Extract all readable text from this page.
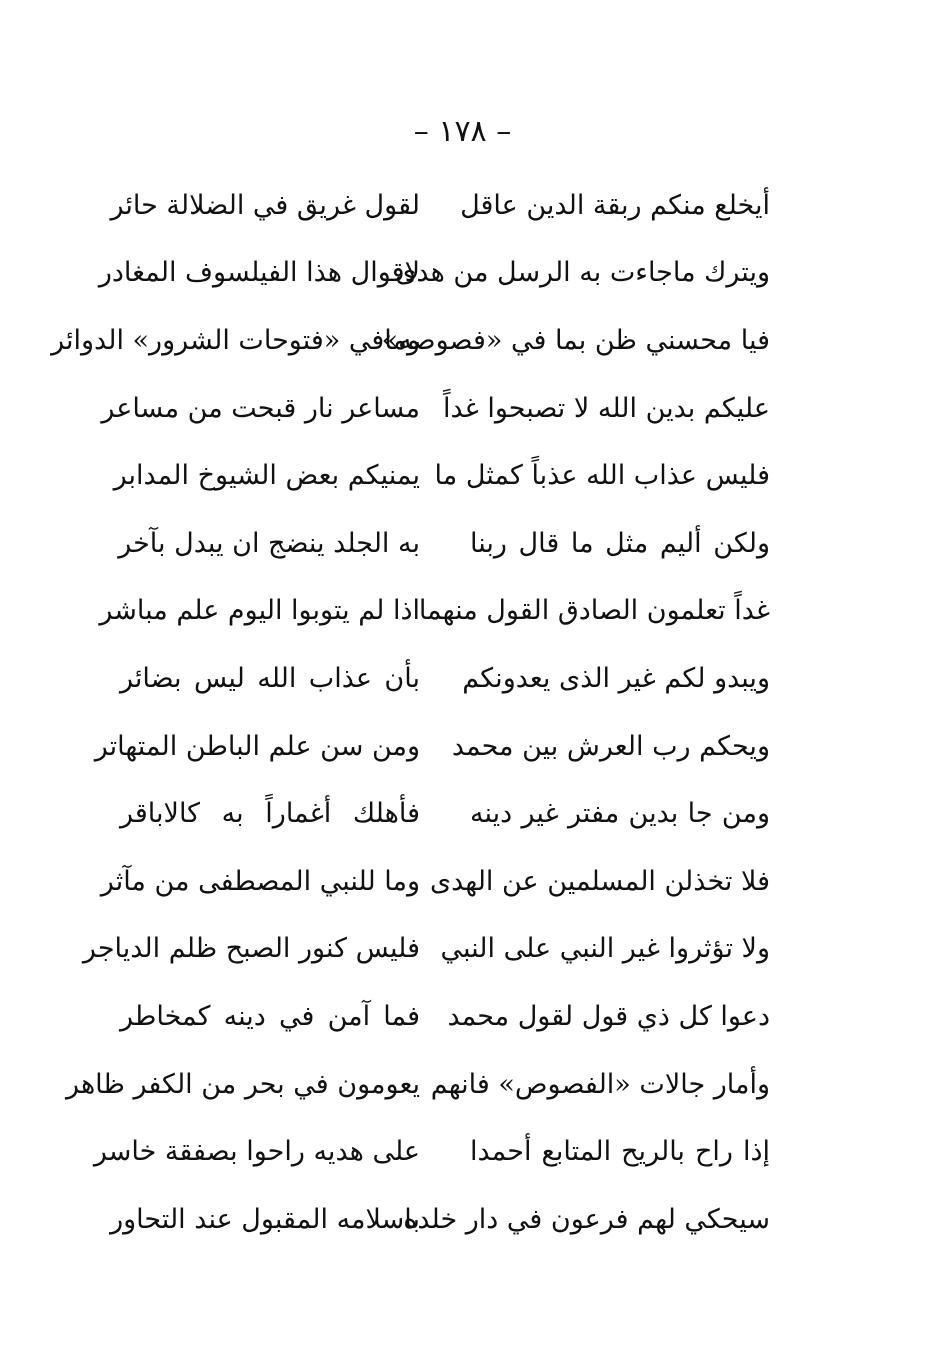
– ١٧٨ –
أيخلع منكم ربقة الدين عاقل
لقول غريق في الضلالة حائر
ويترك ماجاءت به الرسل من هدى
لاقوال هذا الفيلسوف المغادر
فيا محسني ظن بما في «فصوصه»
ومافي «فتوحات الشرور» الدوائر
عليكم بدين الله لا تصبحوا غداً
مساعر نار قبحت من مساعر
فليس عذاب الله عذباً كمثل ما
يمنيكم بعض الشيوخ المدابر
ولكن أليم مثل ما قال ربنا
به الجلد ينضج ان يبدل بآخر
غداً تعلمون الصادق القول منهما
اذا لم يتوبوا اليوم علم مباشر
ويبدو لكم غير الذى يعدونكم
بأن عذاب الله ليس بضائر
ويحكم رب العرش بين محمد
ومن سن علم الباطن المتهاتر
ومن جا بدين مفتر غير دينه
فأهلك أغماراً به كالاباقر
فلا تخذلن المسلمين عن الهدى
وما للنبي المصطفى من مآثر
ولا تؤثروا غير النبي على النبي
فليس كنور الصبح ظلم الدياجر
دعوا كل ذي قول لقول محمد
فما آمن في دينه كمخاطر
وأمار جالات «الفصوص» فانهم
يعومون في بحر من الكفر ظاهر
إذا راح بالريح المتابع أحمدا
على هديه راحوا بصفقة خاسر
سيحكي لهم فرعون في دار خلده
باسلامه المقبول عند التحاور
